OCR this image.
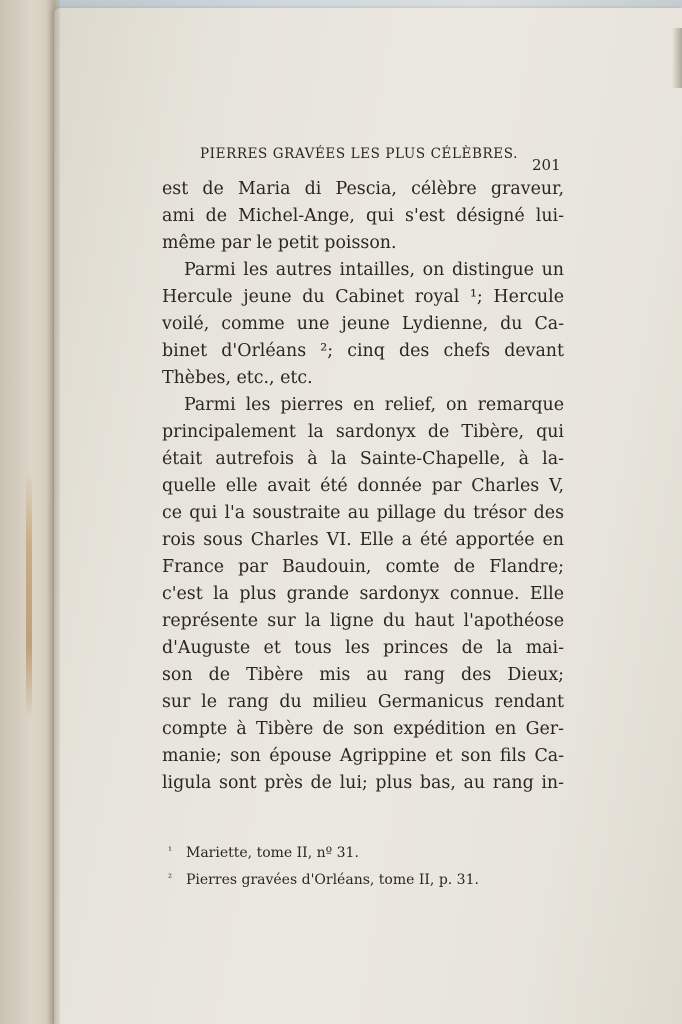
PIERRES GRAVÉES LES PLUS CÉLÈBRES.
201
est de Maria di Pescia, célèbre graveur,
ami de Michel-Ange, qui s'est désigné lui-
même par le petit poisson.
Parmi les autres intailles, on distingue un
Hercule jeune du Cabinet royal ¹; Hercule
voilé, comme une jeune Lydienne, du Ca-
binet d'Orléans ²; cinq des chefs devant
Thèbes, etc., etc.
Parmi les pierres en relief, on remarque
principalement la sardonyx de Tibère, qui
était autrefois à la Sainte-Chapelle, à la-
quelle elle avait été donnée par Charles V,
ce qui l'a soustraite au pillage du trésor des
rois sous Charles VI. Elle a été apportée en
France par Baudouin, comte de Flandre;
c'est la plus grande sardonyx connue. Elle
représente sur la ligne du haut l'apothéose
d'Auguste et tous les princes de la mai-
son de Tibère mis au rang des Dieux;
sur le rang du milieu Germanicus rendant
compte à Tibère de son expédition en Ger-
manie; son épouse Agrippine et son fils Ca-
ligula sont près de lui; plus bas, au rang in-
¹ Mariette, tome II, nº 31.
² Pierres gravées d'Orléans, tome II, p. 31.
